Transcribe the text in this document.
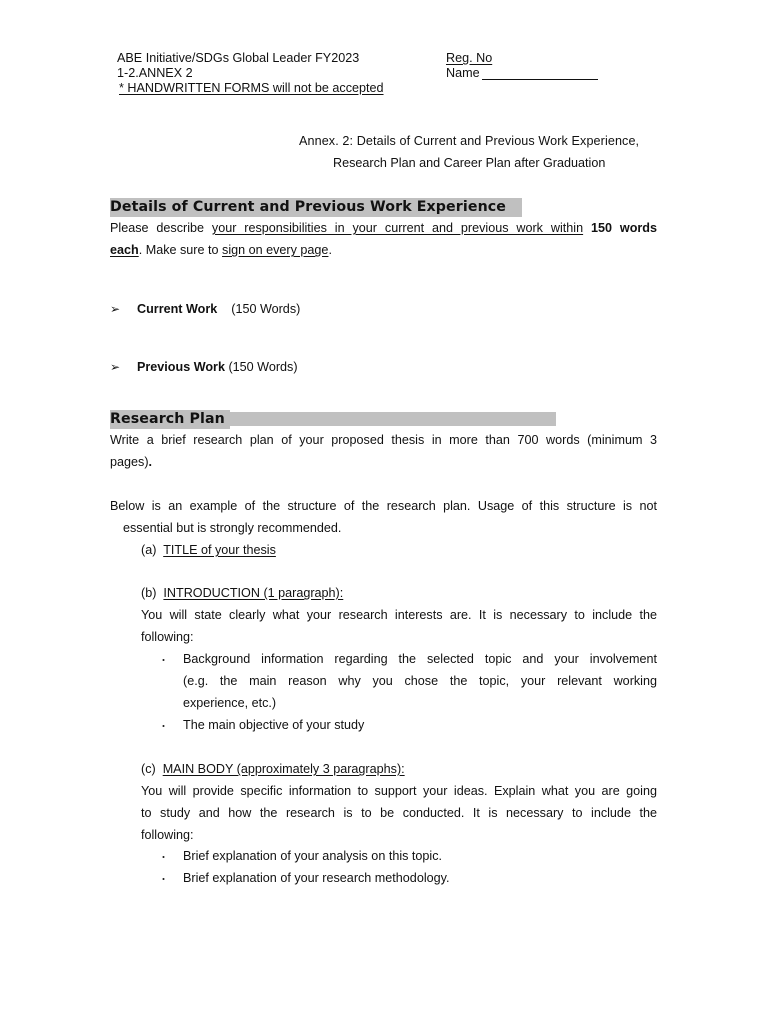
ABE Initiative/SDGs Global Leader FY2023
1-2.ANNEX 2
* HANDWRITTEN FORMS will not be accepted
Reg. No
Name
Annex. 2: Details of Current and Previous Work Experience,
Research Plan and Career Plan after Graduation
Details of Current and Previous Work Experience
Please describe your responsibilities in your current and previous work within 150 words
each. Make sure to sign on every page.
➢ Current Work (150 Words)
➢ Previous Work (150 Words)
Research Plan
Write a brief research plan of your proposed thesis in more than 700 words (minimum 3
pages).
Below is an example of the structure of the research plan. Usage of this structure is not
essential but is strongly recommended.
(a) TITLE of your thesis
(b) INTRODUCTION (1 paragraph):
You will state clearly what your research interests are. It is necessary to include the
following:
・ Background information regarding the selected topic and your involvement
(e.g. the main reason why you chose the topic, your relevant working
experience, etc.)
・ The main objective of your study
(c) MAIN BODY (approximately 3 paragraphs):
You will provide specific information to support your ideas. Explain what you are going
to study and how the research is to be conducted. It is necessary to include the
following:
・ Brief explanation of your analysis on this topic.
・ Brief explanation of your research methodology.
